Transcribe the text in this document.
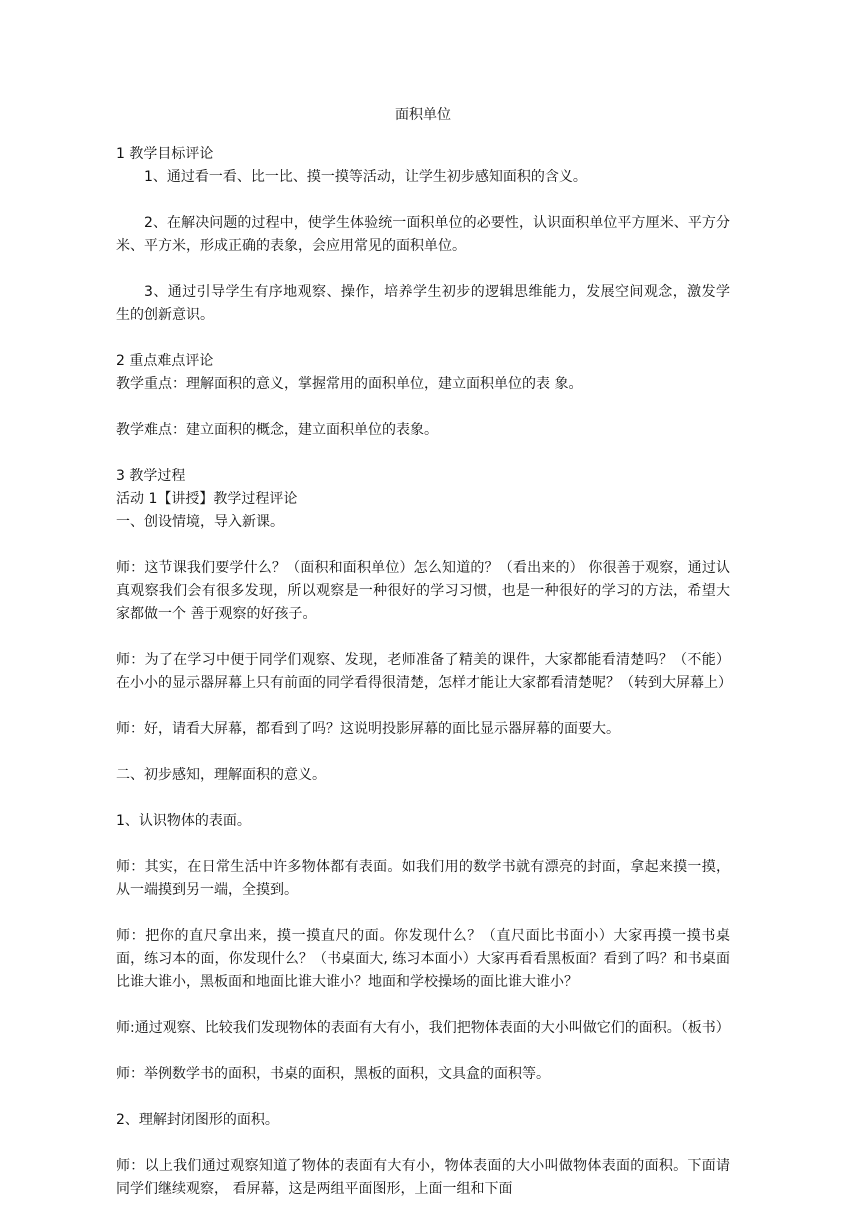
面积单位

1 教学目标评论

1、通过看一看、比一比、摸一摸等活动，让学生初步感知面积的含义。

2、在解决问题的过程中，使学生体验统一面积单位的必要性，认识面积单位平方厘米、平方分米、平方米，形成正确的表象，会应用常见的面积单位。

3、通过引导学生有序地观察、操作，培养学生初步的逻辑思维能力，发展空间观念，激发学 生的创新意识。

2 重点难点评论

教学重点：理解面积的意义，掌握常用的面积单位，建立面积单位的表 象。

教学难点：建立面积的概念，建立面积单位的表象。

3 教学过程

活动 1【讲授】教学过程评论

一、创设情境，导入新课。

师：这节课我们要学什么？（面积和面积单位）怎么知道的？（看出来的） 你很善于观察，通过认真观察我们会有很多发现，所以观察是一种很好的学习习惯，也是一种很好的学习的方法，希望大家都做一个 善于观察的好孩子。

师：为了在学习中便于同学们观察、发现，老师准备了精美的课件，大家都能看清楚吗？（不能）在小小的显示器屏幕上只有前面的同学看得很清楚，怎样才能让大家都看清楚呢？（转到大屏幕上）

师：好，请看大屏幕，都看到了吗？这说明投影屏幕的面比显示器屏幕的面要大。

二、初步感知，理解面积的意义。

1、认识物体的表面。

师：其实，在日常生活中许多物体都有表面。如我们用的数学书就有漂亮的封面，拿起来摸一摸，从一端摸到另一端，全摸到。

师：把你的直尺拿出来，摸一摸直尺的面。你发现什么？（直尺面比书面小）大家再摸一摸书桌面，练习本的面，你发现什么？（书桌面大, 练习本面小）大家再看看黑板面？看到了吗？和书桌面比谁大谁小，黑板面和地面比谁大谁小？地面和学校操场的面比谁大谁小？

师:通过观察、比较我们发现物体的表面有大有小，我们把物体表面的大小叫做它们的面积。（板书）

师：举例数学书的面积，书桌的面积，黑板的面积，文具盒的面积等。

2、理解封闭图形的面积。

师：以上我们通过观察知道了物体的表面有大有小，物体表面的大小叫做物体表面的面积。下面请同学们继续观察， 看屏幕，这是两组平面图形，上面一组和下面
